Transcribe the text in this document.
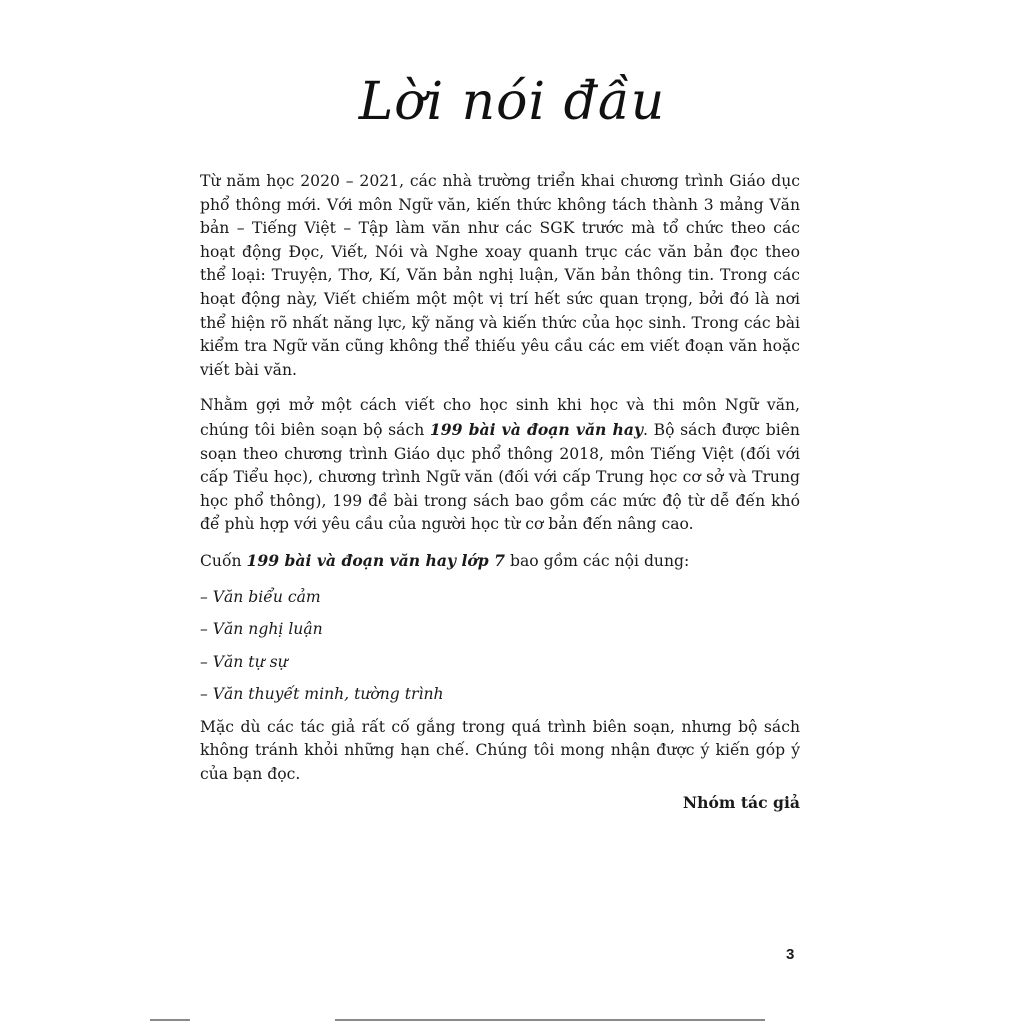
Lời nói đầu

Từ năm học 2020 – 2021, các nhà trường triển khai chương trình Giáo dục phổ thông mới. Với môn Ngữ văn, kiến thức không tách thành 3 mảng Văn bản – Tiếng Việt – Tập làm văn như các SGK trước mà tổ chức theo các hoạt động Đọc, Viết, Nói và Nghe xoay quanh trục các văn bản đọc theo thể loại: Truyện, Thơ, Kí, Văn bản nghị luận, Văn bản thông tin. Trong các hoạt động này, Viết chiếm một một vị trí hết sức quan trọng, bởi đó là nơi thể hiện rõ nhất năng lực, kỹ năng và kiến thức của học sinh. Trong các bài kiểm tra Ngữ văn cũng không thể thiếu yêu cầu các em viết đoạn văn hoặc viết bài văn.

Nhằm gợi mở một cách viết cho học sinh khi học và thi môn Ngữ văn, chúng tôi biên soạn bộ sách 199 bài và đoạn văn hay. Bộ sách được biên soạn theo chương trình Giáo dục phổ thông 2018, môn Tiếng Việt (đối với cấp Tiểu học), chương trình Ngữ văn (đối với cấp Trung học cơ sở và Trung học phổ thông), 199 đề bài trong sách bao gồm các mức độ từ dễ đến khó để phù hợp với yêu cầu của người học từ cơ bản đến nâng cao.

Cuốn 199 bài và đoạn văn hay lớp 7 bao gồm các nội dung:

– Văn biểu cảm
– Văn nghị luận
– Văn tự sự
– Văn thuyết minh, tường trình

Mặc dù các tác giả rất cố gắng trong quá trình biên soạn, nhưng bộ sách không tránh khỏi những hạn chế. Chúng tôi mong nhận được ý kiến góp ý của bạn đọc.

Nhóm tác giả
3
